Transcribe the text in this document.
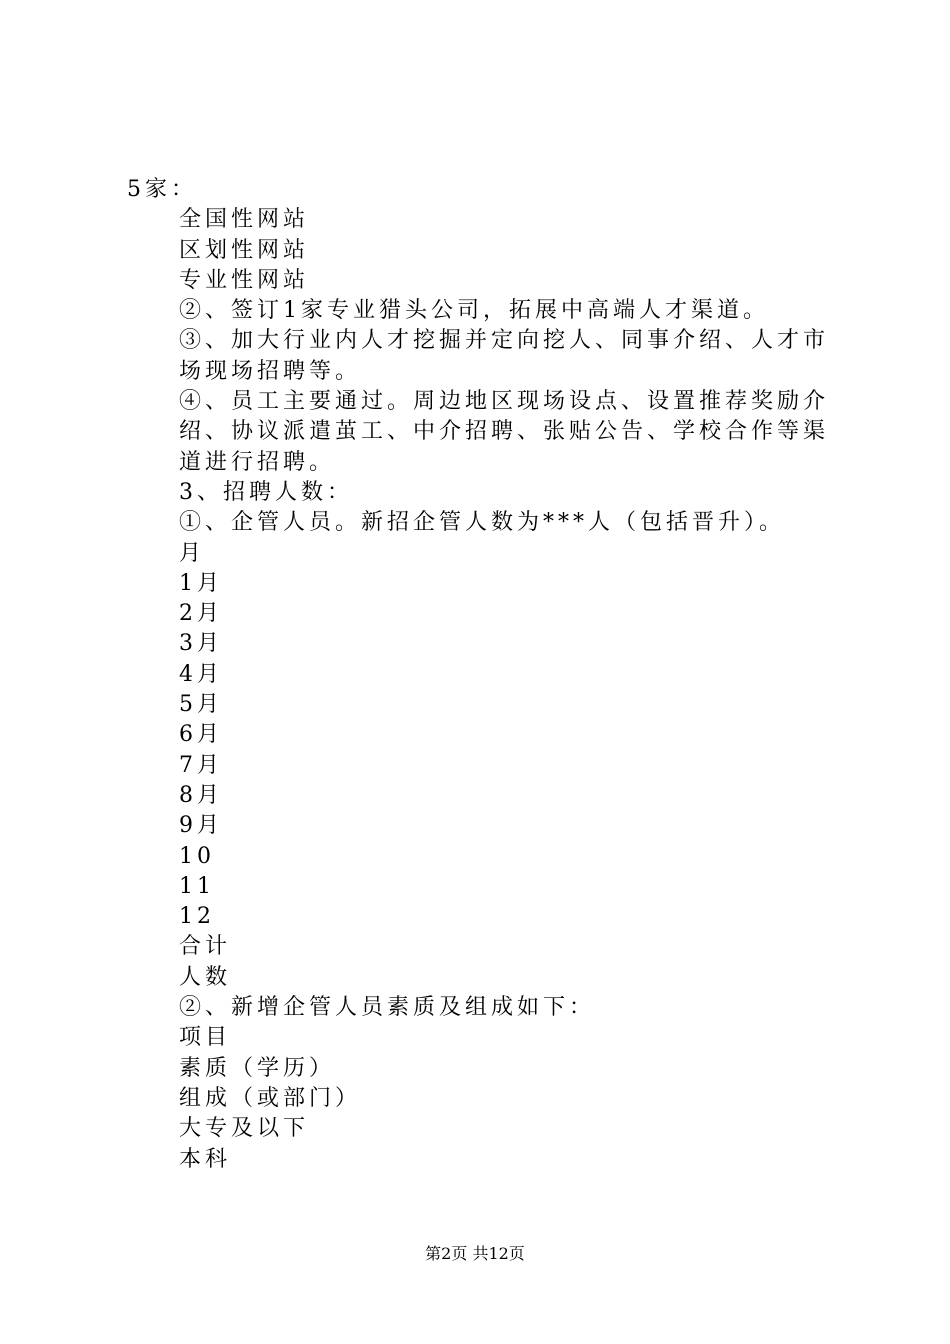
5家：
全国性网站
区划性网站
专业性网站
②、签订1家专业猎头公司，拓展中高端人才渠道。
③、加大行业内人才挖掘并定向挖人、同事介绍、人才市场现场招聘等。
④、员工主要通过。周边地区现场设点、设置推荐奖励介绍、协议派遣茧工、中介招聘、张贴公告、学校合作等渠道进行招聘。
3、招聘人数：
①、企管人员。新招企管人数为***人（包括晋升）。
月
1月
2月
3月
4月
5月
6月
7月
8月
9月
10
11
12
合计
人数
②、新增企管人员素质及组成如下：
项目
素质（学历）
组成（或部门）
大专及以下
本科
第2页 共12页
